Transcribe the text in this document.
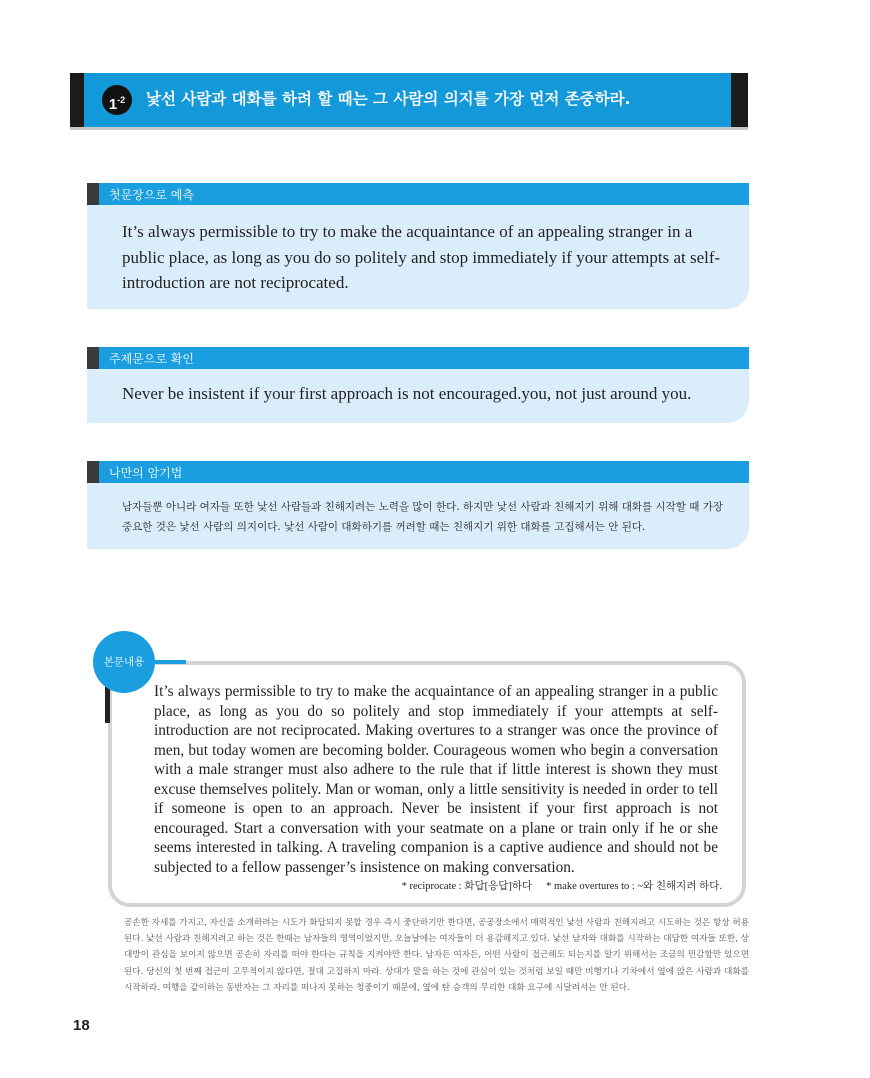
$1^{-2}$	낯선 사람과 대화를 하려 할 때는 그 사람의 의지를 가장 먼저 존중하라.
첫문장으로 예측
It’s always permissible to try to make the acquaintance of an appealing stranger in a public place, as long as you do so politely and stop immediately if your attempts at self-introduction are not reciprocated.
주제문으로 확인
Never be insistent if your first approach is not encouraged.you, not just around you.
나만의 암기법
남자들뿐 아니라 여자들 또한 낯선 사람들과 친해지려는 노력을 많이 한다. 하지만 낯선 사람과 친해지기 위해 대화를 시작할 때 가장 중요한 것은 낯선 사람의 의지이다. 낯선 사람이 대화하기를 꺼려할 때는 친해지기 위한 대화를 고집해서는 안 된다.
본문내용

It’s always permissible to try to make the acquaintance of an appealing stranger in a public place, as long as you do so politely and stop immediately if your attempts at self-introduction are not reciprocated. Making overtures to a stranger was once the province of men, but today women are becoming bolder. Courageous women who begin a conversation with a male stranger must also adhere to the rule that if little interest is shown they must excuse themselves politely. Man or woman, only a little sensitivity is needed in order to tell if someone is open to an approach. Never be insistent if your first approach is not encouraged. Start a conversation with your seatmate on a plane or train only if he or she seems interested in talking. A traveling companion is a captive audience and should not be subjected to a fellow passenger’s insistence on making conversation.

* reciprocate : 화답[응답]하다 * make overtures to : ~와 친해지려 하다.
공손한 자세를 가지고, 자신을 소개하려는 시도가 화답되지 못할 경우 즉시 중단하기만 한다면, 공공장소에서 매력적인 낯선 사람과 친해지려고 시도하는 것은 항상 허용된다. 낯선 사람과 친해지려고 하는 것은 한때는 남자들의 영역이었지만, 오늘날에는 여자들이 더 용감해지고 있다. 낯선 남자와 대화를 시작하는 대담한 여자들 또한, 상대방이 관심을 보이지 않으면 공손히 자리를 떠야 한다는 규칙을 지켜야만 한다. 남자든 여자든, 어떤 사람이 접근해도 되는지를 알기 위해서는 조금의 민감함만 있으면 된다. 당신의 첫 번째 접근이 고무적이지 않다면, 절대 고집하지 마라. 상대가 말을 하는 것에 관심이 있는 것처럼 보일 때만 비행기나 기차에서 옆에 앉은 사람과 대화를 시작하라. 여행을 같이하는 동반자는 그 자리를 떠나지 못하는 청중이기 때문에, 옆에 탄 승객의 무리한 대화 요구에 시달려서는 안 된다.
18
